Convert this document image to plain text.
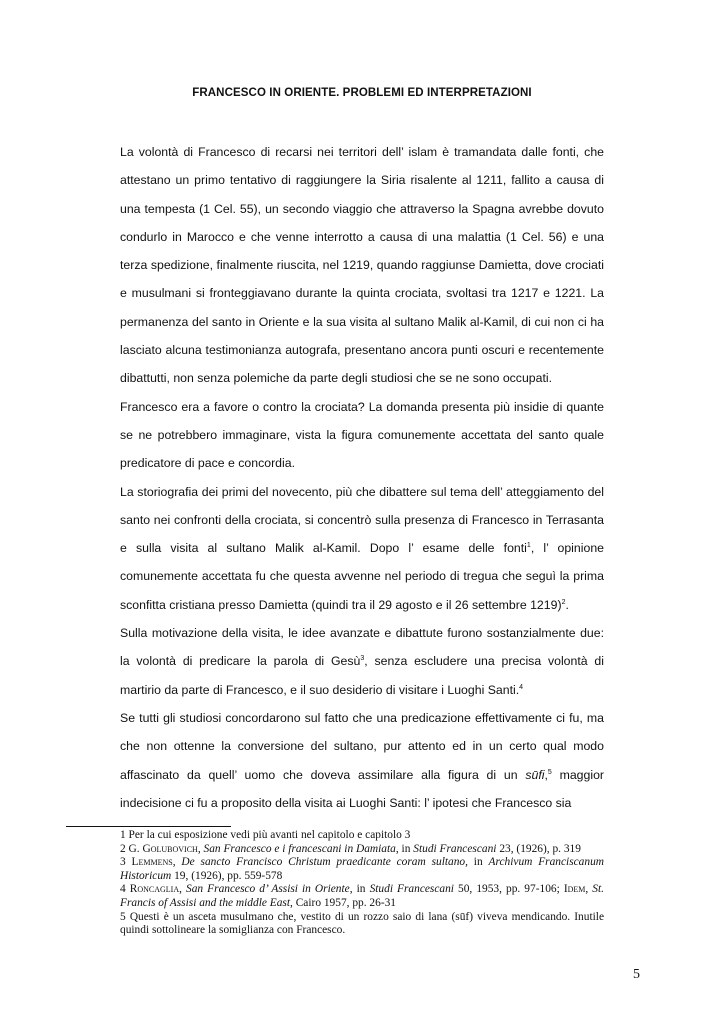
FRANCESCO IN ORIENTE. PROBLEMI ED INTERPRETAZIONI

La volontà di Francesco di recarsi nei territori dell’ islam è tramandata dalle fonti, che attestano un primo tentativo di raggiungere la Siria risalente al 1211, fallito a causa di una tempesta (1 Cel. 55), un secondo viaggio che attraverso la Spagna avrebbe dovuto condurlo in Marocco e che venne interrotto a causa di una malattia (1 Cel. 56) e una terza spedizione, finalmente riuscita, nel 1219, quando raggiunse Damietta, dove crociati e musulmani si fronteggiavano durante la quinta crociata, svoltasi tra 1217 e 1221. La permanenza del santo in Oriente e la sua visita al sultano Malik al-Kamil, di cui non ci ha lasciato alcuna testimonianza autografa, presentano ancora punti oscuri e recentemente dibattutti, non senza polemiche da parte degli studiosi che se ne sono occupati.

Francesco era a favore o contro la crociata? La domanda presenta più insidie di quante se ne potrebbero immaginare, vista la figura comunemente accettata del santo quale predicatore di pace e concordia.

La storiografia dei primi del novecento, più che dibattere sul tema dell’ atteggiamento del santo nei confronti della crociata, si concentrò sulla presenza di Francesco in Terrasanta e sulla visita al sultano Malik al-Kamil. Dopo l’ esame delle fonti$^1$, l’ opinione comunemente accettata fu che questa avvenne nel periodo di tregua che seguì la prima sconfitta cristiana presso Damietta (quindi tra il 29 agosto e il 26 settembre 1219)$^2$.

Sulla motivazione della visita, le idee avanzate e dibattute furono sostanzialmente due: la volontà di predicare la parola di Gesù$^3$, senza escludere una precisa volontà di martirio da parte di Francesco, e il suo desiderio di visitare i Luoghi Santi.$^4$

Se tutti gli studiosi concordarono sul fatto che una predicazione effettivamente ci fu, ma che non ottenne la conversione del sultano, pur attento ed in un certo qual modo affascinato da quell’ uomo che doveva assimilare alla figura di un sūfi,$^5$ maggior indecisione ci fu a proposito della visita ai Luoghi Santi: l’ ipotesi che Francesco sia

1 Per la cui esposizione vedi più avanti nel capitolo e capitolo 3

2 G. Golubovich, San Francesco e i francescani in Damiata, in Studi Francescani 23, (1926), p. 319

3 Lemmens, De sancto Francisco Christum praedicante coram sultano, in Archivum Franciscanum Historicum 19, (1926), pp. 559-578

4 Roncaglia, San Francesco d’ Assisi in Oriente, in Studi Francescani 50, 1953, pp. 97-106; Idem, St. Francis of Assisi and the middle East, Cairo 1957, pp. 26-31

5 Questi è un asceta musulmano che, vestito di un rozzo saio di lana (sūf) viveva mendicando. Inutile quindi sottolineare la somiglianza con Francesco.

5
